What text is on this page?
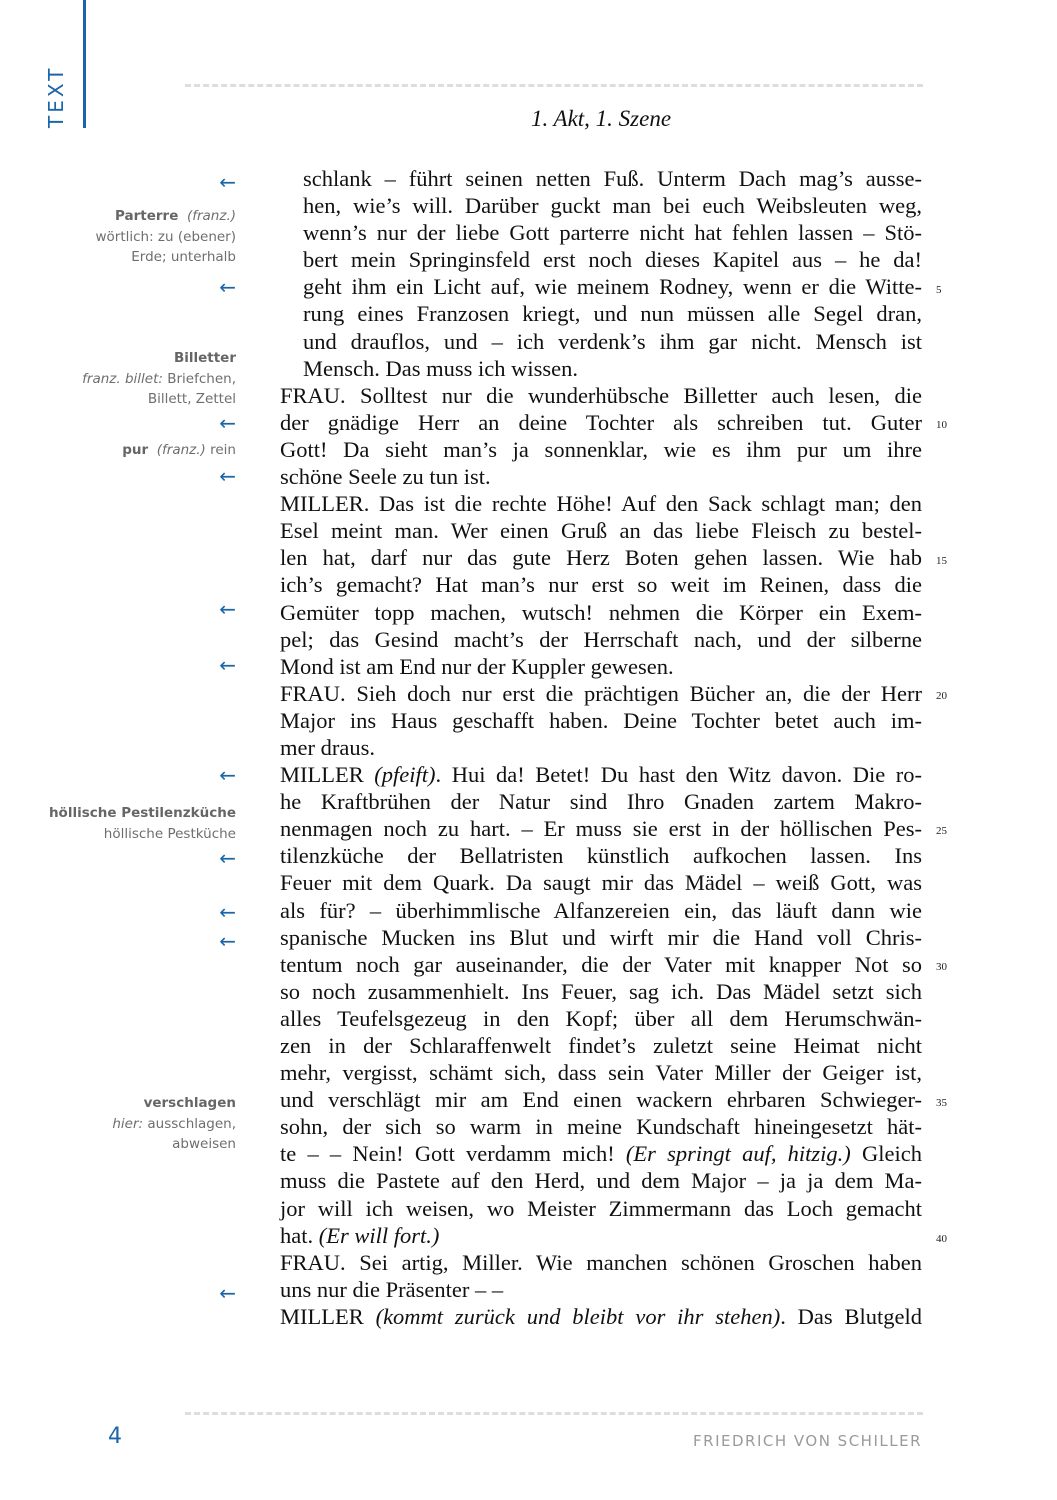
TEXT	1. Akt, 1. Szene
schlank – führt seinen netten Fuß. Unterm Dach mag’s ausse-
hen, wie’s will. Darüber guckt man bei euch Weibsleuten weg,
wenn’s nur der liebe Gott parterre nicht hat fehlen lassen – Stö-
bert mein Springinsfeld erst noch dieses Kapitel aus – he da!
geht ihm ein Licht auf, wie meinem Rodney, wenn er die Witte-
rung eines Franzosen kriegt, und nun müssen alle Segel dran,
und drauflos, und – ich verdenk’s ihm gar nicht. Mensch ist
Mensch. Das muss ich wissen.
FRAU. Solltest nur die wunderhübsche Billetter auch lesen, die
der gnädige Herr an deine Tochter als schreiben tut. Guter
Gott! Da sieht man’s ja sonnenklar, wie es ihm pur um ihre
schöne Seele zu tun ist.
MILLER. Das ist die rechte Höhe! Auf den Sack schlagt man; den
Esel meint man. Wer einen Gruß an das liebe Fleisch zu bestel-
len hat, darf nur das gute Herz Boten gehen lassen. Wie hab
ich’s gemacht? Hat man’s nur erst so weit im Reinen, dass die
Gemüter topp machen, wutsch! nehmen die Körper ein Exem-
pel; das Gesind macht’s der Herrschaft nach, und der silberne
Mond ist am End nur der Kuppler gewesen.
FRAU. Sieh doch nur erst die prächtigen Bücher an, die der Herr
Major ins Haus geschafft haben. Deine Tochter betet auch im-
mer draus.
MILLER (pfeift). Hui da! Betet! Du hast den Witz davon. Die ro-
he Kraftbrühen der Natur sind Ihro Gnaden zartem Makro-
nenmagen noch zu hart. – Er muss sie erst in der höllischen Pes-
tilenzküche der Bellatristen künstlich aufkochen lassen. Ins
Feuer mit dem Quark. Da saugt mir das Mädel – weiß Gott, was
als für? – überhimmlische Alfanzereien ein, das läuft dann wie
spanische Mucken ins Blut und wirft mir die Hand voll Chris-
tentum noch gar auseinander, die der Vater mit knapper Not so
so noch zusammenhielt. Ins Feuer, sag ich. Das Mädel setzt sich
alles Teufelsgezeug in den Kopf; über all dem Herumschwän-
zen in der Schlaraffenwelt findet’s zuletzt seine Heimat nicht
mehr, vergisst, schämt sich, dass sein Vater Miller der Geiger ist,
und verschlägt mir am End einen wackern ehrbaren Schwieger-
sohn, der sich so warm in meine Kundschaft hineingesetzt hät-
te – – Nein! Gott verdamm mich! (Er springt auf, hitzig.) Gleich
muss die Pastete auf den Herd, und dem Major – ja ja dem Ma-
jor will ich weisen, wo Meister Zimmermann das Loch gemacht
hat. (Er will fort.)
FRAU. Sei artig, Miller. Wie manchen schönen Groschen haben
uns nur die Präsenter – –
MILLER (kommt zurück und bleibt vor ihr stehen). Das Blutgeld
5
10
15
20
25
30
35
40
←
←
←
←
←
←
←
←
←
←
←
Parterre (franz.)
wörtlich: zu (ebener)
Erde; unterhalb
Billetter
franz. billet: Briefchen,
Billett, Zettel
pur (franz.) rein
höllische Pestilenzküche
höllische Pestküche
verschlagen
hier: ausschlagen,
abweisen
4	FRIEDRICH VON SCHILLER
